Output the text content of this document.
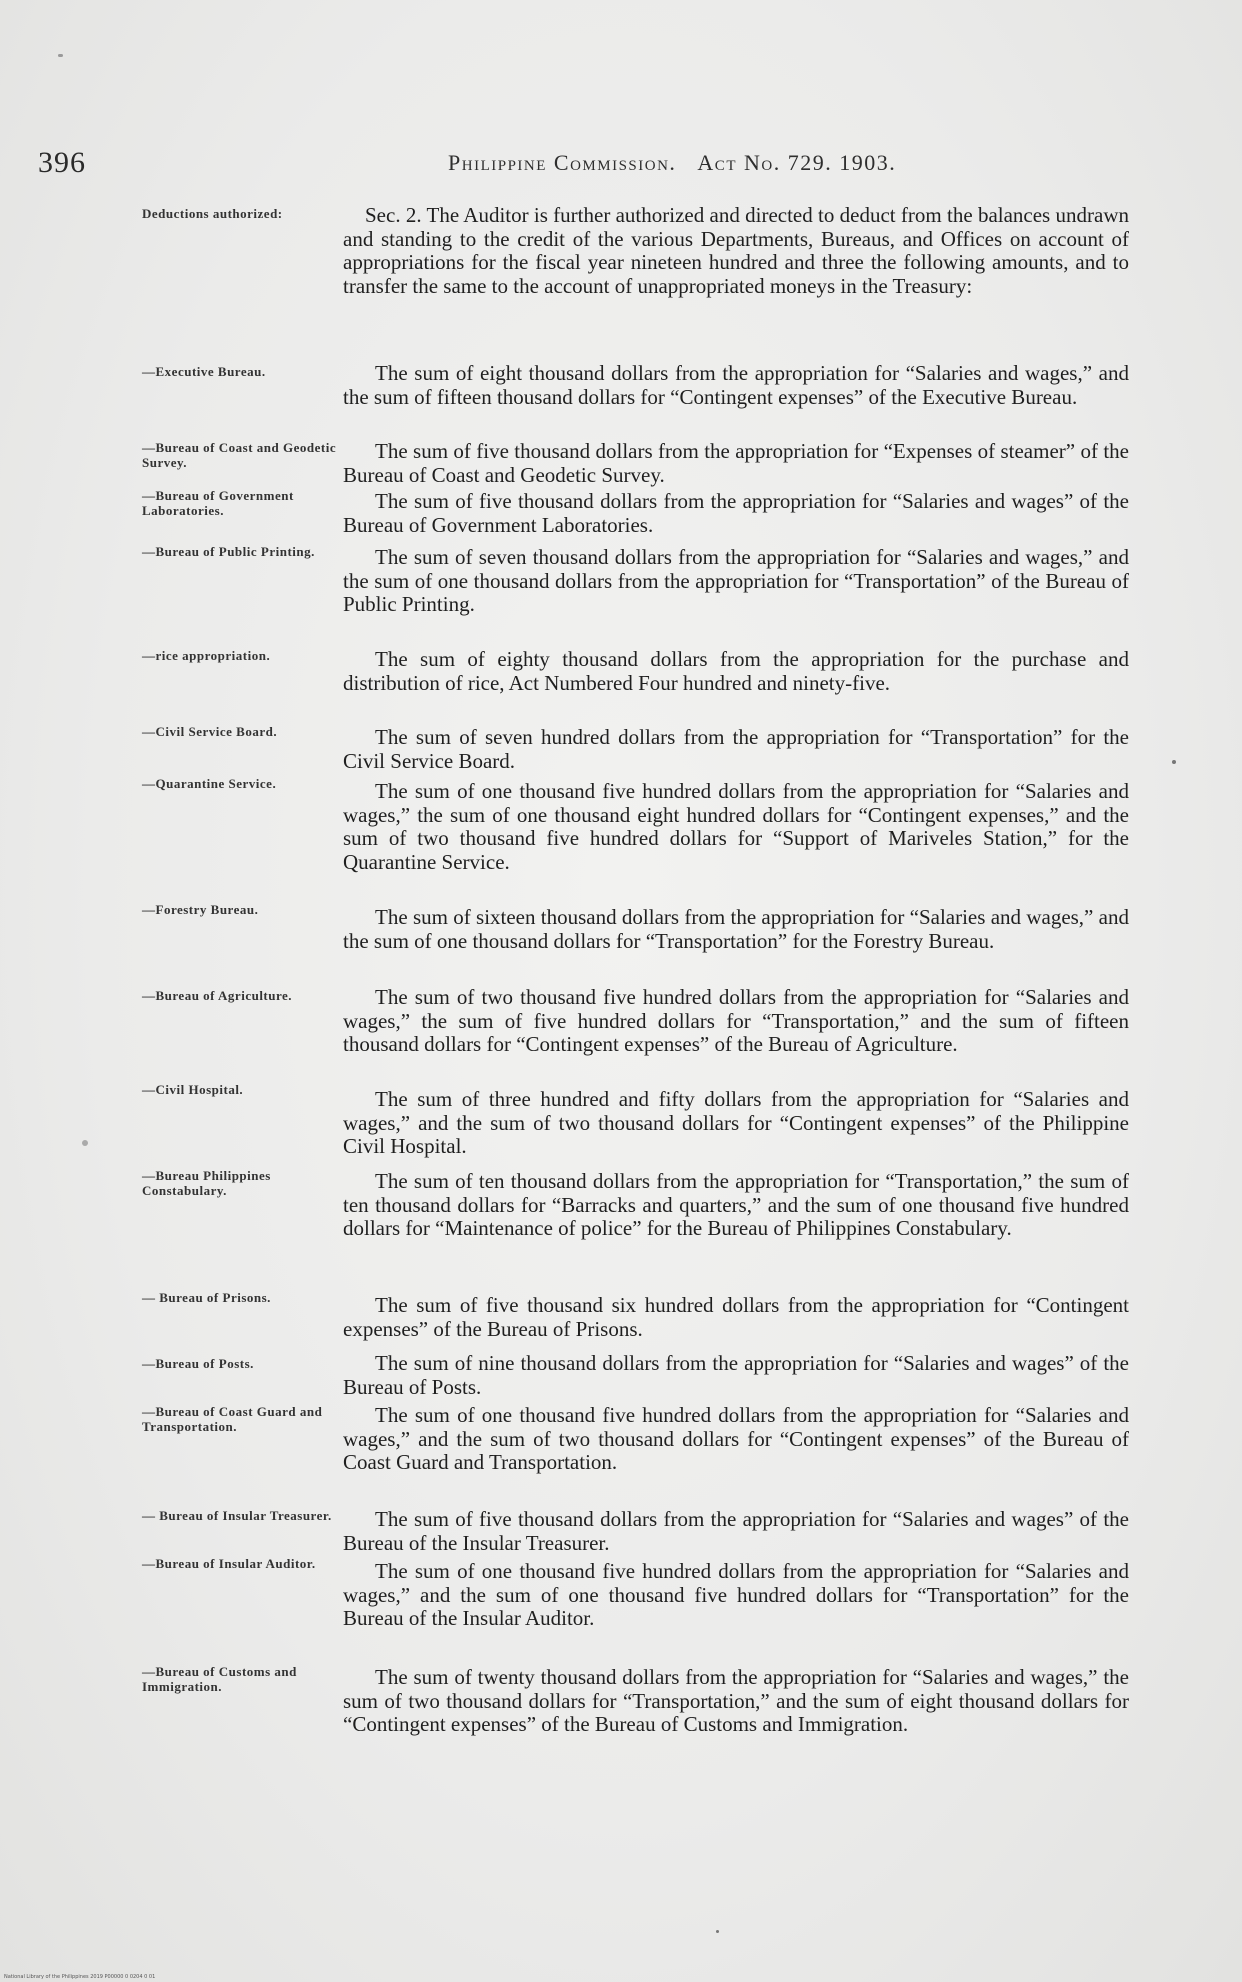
396	Philippine Commission. Act No. 729. 1903.
Deductions authorized:	Sec. 2. The Auditor is further authorized and directed to deduct from the balances undrawn and standing to the credit of the various Departments, Bureaus, and Offices on account of appropriations for the fiscal year nineteen hundred and three the following amounts, and to transfer the same to the account of unappropriated moneys in the Treasury:
—Executive Bureau.	The sum of eight thousand dollars from the appropriation for “Salaries and wages,” and the sum of fifteen thousand dollars for “Contingent expenses” of the Executive Bureau.
—Bureau of Coast and Geodetic Survey.	The sum of five thousand dollars from the appropriation for “Expenses of steamer” of the Bureau of Coast and Geodetic Survey.
—Bureau of Government Laboratories.	The sum of five thousand dollars from the appropriation for “Salaries and wages” of the Bureau of Government Laboratories.
—Bureau of Public Printing.	The sum of seven thousand dollars from the appropriation for “Salaries and wages,” and the sum of one thousand dollars from the appropriation for “Transportation” of the Bureau of Public Printing.
—rice appropriation.	The sum of eighty thousand dollars from the appropriation for the purchase and distribution of rice, Act Numbered Four hundred and ninety-five.
—Civil Service Board.	The sum of seven hundred dollars from the appropriation for “Transportation” for the Civil Service Board.
—Quarantine Service.	The sum of one thousand five hundred dollars from the appropriation for “Salaries and wages,” the sum of one thousand eight hundred dollars for “Contingent expenses,” and the sum of two thousand five hundred dollars for “Support of Mariveles Station,” for the Quarantine Service.
—Forestry Bureau.	The sum of sixteen thousand dollars from the appropriation for “Salaries and wages,” and the sum of one thousand dollars for “Transportation” for the Forestry Bureau.
—Bureau of Agriculture.	The sum of two thousand five hundred dollars from the appropriation for “Salaries and wages,” the sum of five hundred dollars for “Transportation,” and the sum of fifteen thousand dollars for “Contingent expenses” of the Bureau of Agriculture.
—Civil Hospital.	The sum of three hundred and fifty dollars from the appropriation for “Salaries and wages,” and the sum of two thousand dollars for “Contingent expenses” of the Philippine Civil Hospital.
—Bureau Philippines Constabulary.	The sum of ten thousand dollars from the appropriation for “Transportation,” the sum of ten thousand dollars for “Barracks and quarters,” and the sum of one thousand five hundred dollars for “Maintenance of police” for the Bureau of Philippines Constabulary.
— Bureau of Prisons.	The sum of five thousand six hundred dollars from the appropriation for “Contingent expenses” of the Bureau of Prisons.
—Bureau of Posts.	The sum of nine thousand dollars from the appropriation for “Salaries and wages” of the Bureau of Posts.
—Bureau of Coast Guard and Transportation.	The sum of one thousand five hundred dollars from the appropriation for “Salaries and wages,” and the sum of two thousand dollars for “Contingent expenses” of the Bureau of Coast Guard and Transportation.
— Bureau of Insular Treasurer.	The sum of five thousand dollars from the appropriation for “Salaries and wages” of the Bureau of the Insular Treasurer.
—Bureau of Insular Auditor.	The sum of one thousand five hundred dollars from the appropriation for “Salaries and wages,” and the sum of one thousand five hundred dollars for “Transportation” for the Bureau of the Insular Auditor.
—Bureau of Customs and Immigration.	The sum of twenty thousand dollars from the appropriation for “Salaries and wages,” the sum of two thousand dollars for “Transportation,” and the sum of eight thousand dollars for “Contingent expenses” of the Bureau of Customs and Immigration.
National Library of the Philippines 2019 P00000 0 0204 0 01
